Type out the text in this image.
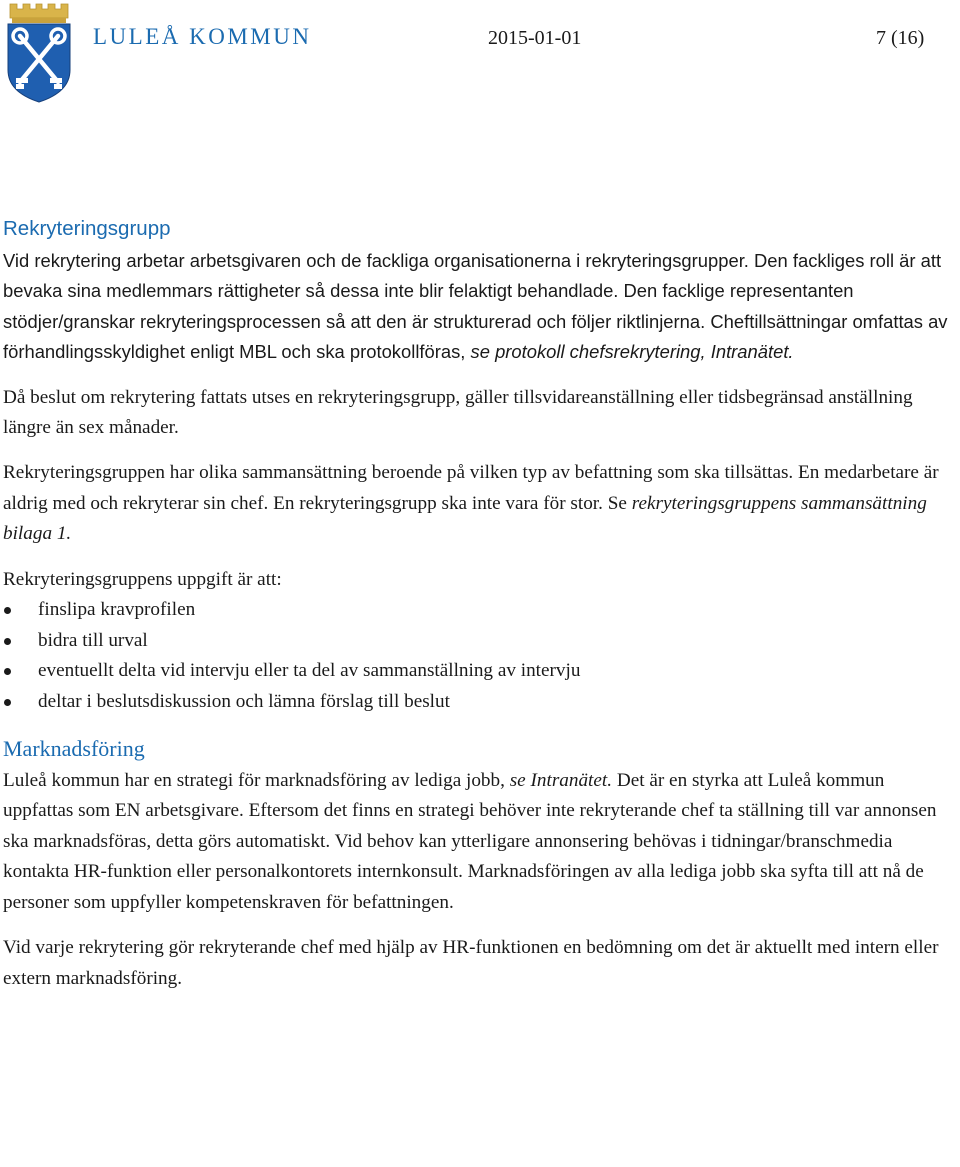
LULEÅ KOMMUN	2015-01-01	7 (16)
Rekryteringsgrupp

Vid rekrytering arbetar arbetsgivaren och de fackliga organisationerna i rekryteringsgrupper. Den fackliges roll är att bevaka sina medlemmars rättigheter så dessa inte blir felaktigt behandlade. Den facklige representanten stödjer/granskar rekryteringsprocessen så att den är strukturerad och följer riktlinjerna. Cheftillsättningar omfattas av förhandlingsskyldighet enligt MBL och ska protokollföras, se protokoll chefsrekrytering, Intranätet.

Då beslut om rekrytering fattats utses en rekryteringsgrupp, gäller tillsvidareanställning eller tidsbegränsad anställning längre än sex månader.

Rekryteringsgruppen har olika sammansättning beroende på vilken typ av befattning som ska tillsättas. En medarbetare är aldrig med och rekryterar sin chef. En rekryteringsgrupp ska inte vara för stor. Se rekryteringsgruppens sammansättning bilaga 1.

Rekryteringsgruppens uppgift är att:

finslipa kravprofilen
bidra till urval
eventuellt delta vid intervju eller ta del av sammanställning av intervju
deltar i beslutsdiskussion och lämna förslag till beslut
Marknadsföring

Luleå kommun har en strategi för marknadsföring av lediga jobb, se Intranätet. Det är en styrka att Luleå kommun uppfattas som EN arbetsgivare. Eftersom det finns en strategi behöver inte rekryterande chef ta ställning till var annonsen ska marknadsföras, detta görs automatiskt. Vid behov kan ytterligare annonsering behövas i tidningar/branschmedia kontakta HR-funktion eller personalkontorets internkonsult. Marknadsföringen av alla lediga jobb ska syfta till att nå de personer som uppfyller kompetenskraven för befattningen.

Vid varje rekrytering gör rekryterande chef med hjälp av HR-funktionen en bedömning om det är aktuellt med intern eller extern marknadsföring.
